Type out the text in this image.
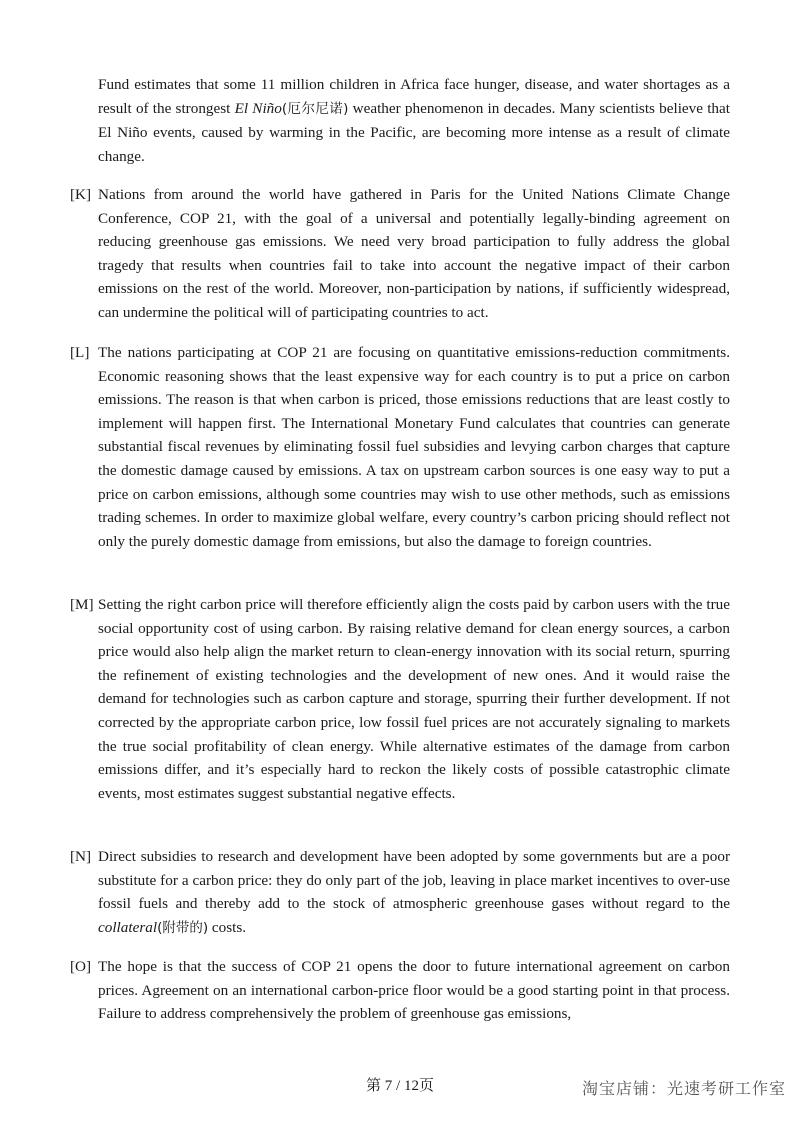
Fund estimates that some 11 million children in Africa face hunger, disease, and water shortages as a result of the strongest El Niño(厄尔尼诺) weather phenomenon in decades. Many scientists believe that El Niño events, caused by warming in the Pacific, are becoming more intense as a result of climate change.

[K] Nations from around the world have gathered in Paris for the United Nations Climate Change Conference, COP 21, with the goal of a universal and potentially legally-binding agreement on reducing greenhouse gas emissions. We need very broad participation to fully address the global tragedy that results when countries fail to take into account the negative impact of their carbon emissions on the rest of the world. Moreover, non-participation by nations, if sufficiently widespread, can undermine the political will of participating countries to act.

[L] The nations participating at COP 21 are focusing on quantitative emissions-reduction commitments. Economic reasoning shows that the least expensive way for each country is to put a price on carbon emissions. The reason is that when carbon is priced, those emissions reductions that are least costly to implement will happen first. The International Monetary Fund calculates that countries can generate substantial fiscal revenues by eliminating fossil fuel subsidies and levying carbon charges that capture the domestic damage caused by emissions. A tax on upstream carbon sources is one easy way to put a price on carbon emissions, although some countries may wish to use other methods, such as emissions trading schemes. In order to maximize global welfare, every country’s carbon pricing should reflect not only the purely domestic damage from emissions, but also the damage to foreign countries.

[M] Setting the right carbon price will therefore efficiently align the costs paid by carbon users with the true social opportunity cost of using carbon. By raising relative demand for clean energy sources, a carbon price would also help align the market return to clean-energy innovation with its social return, spurring the refinement of existing technologies and the development of new ones. And it would raise the demand for technologies such as carbon capture and storage, spurring their further development. If not corrected by the appropriate carbon price, low fossil fuel prices are not accurately signaling to markets the true social profitability of clean energy. While alternative estimates of the damage from carbon emissions differ, and it’s especially hard to reckon the likely costs of possible catastrophic climate events, most estimates suggest substantial negative effects.

[N] Direct subsidies to research and development have been adopted by some governments but are a poor substitute for a carbon price: they do only part of the job, leaving in place market incentives to over-use fossil fuels and thereby add to the stock of atmospheric greenhouse gases without regard to the collateral(附带的) costs.

[O] The hope is that the success of COP 21 opens the door to future international agreement on carbon prices. Agreement on an international carbon-price floor would be a good starting point in that process. Failure to address comprehensively the problem of greenhouse gas emissions,

第 7 / 12页	淘宝店铺：光速考研工作室
